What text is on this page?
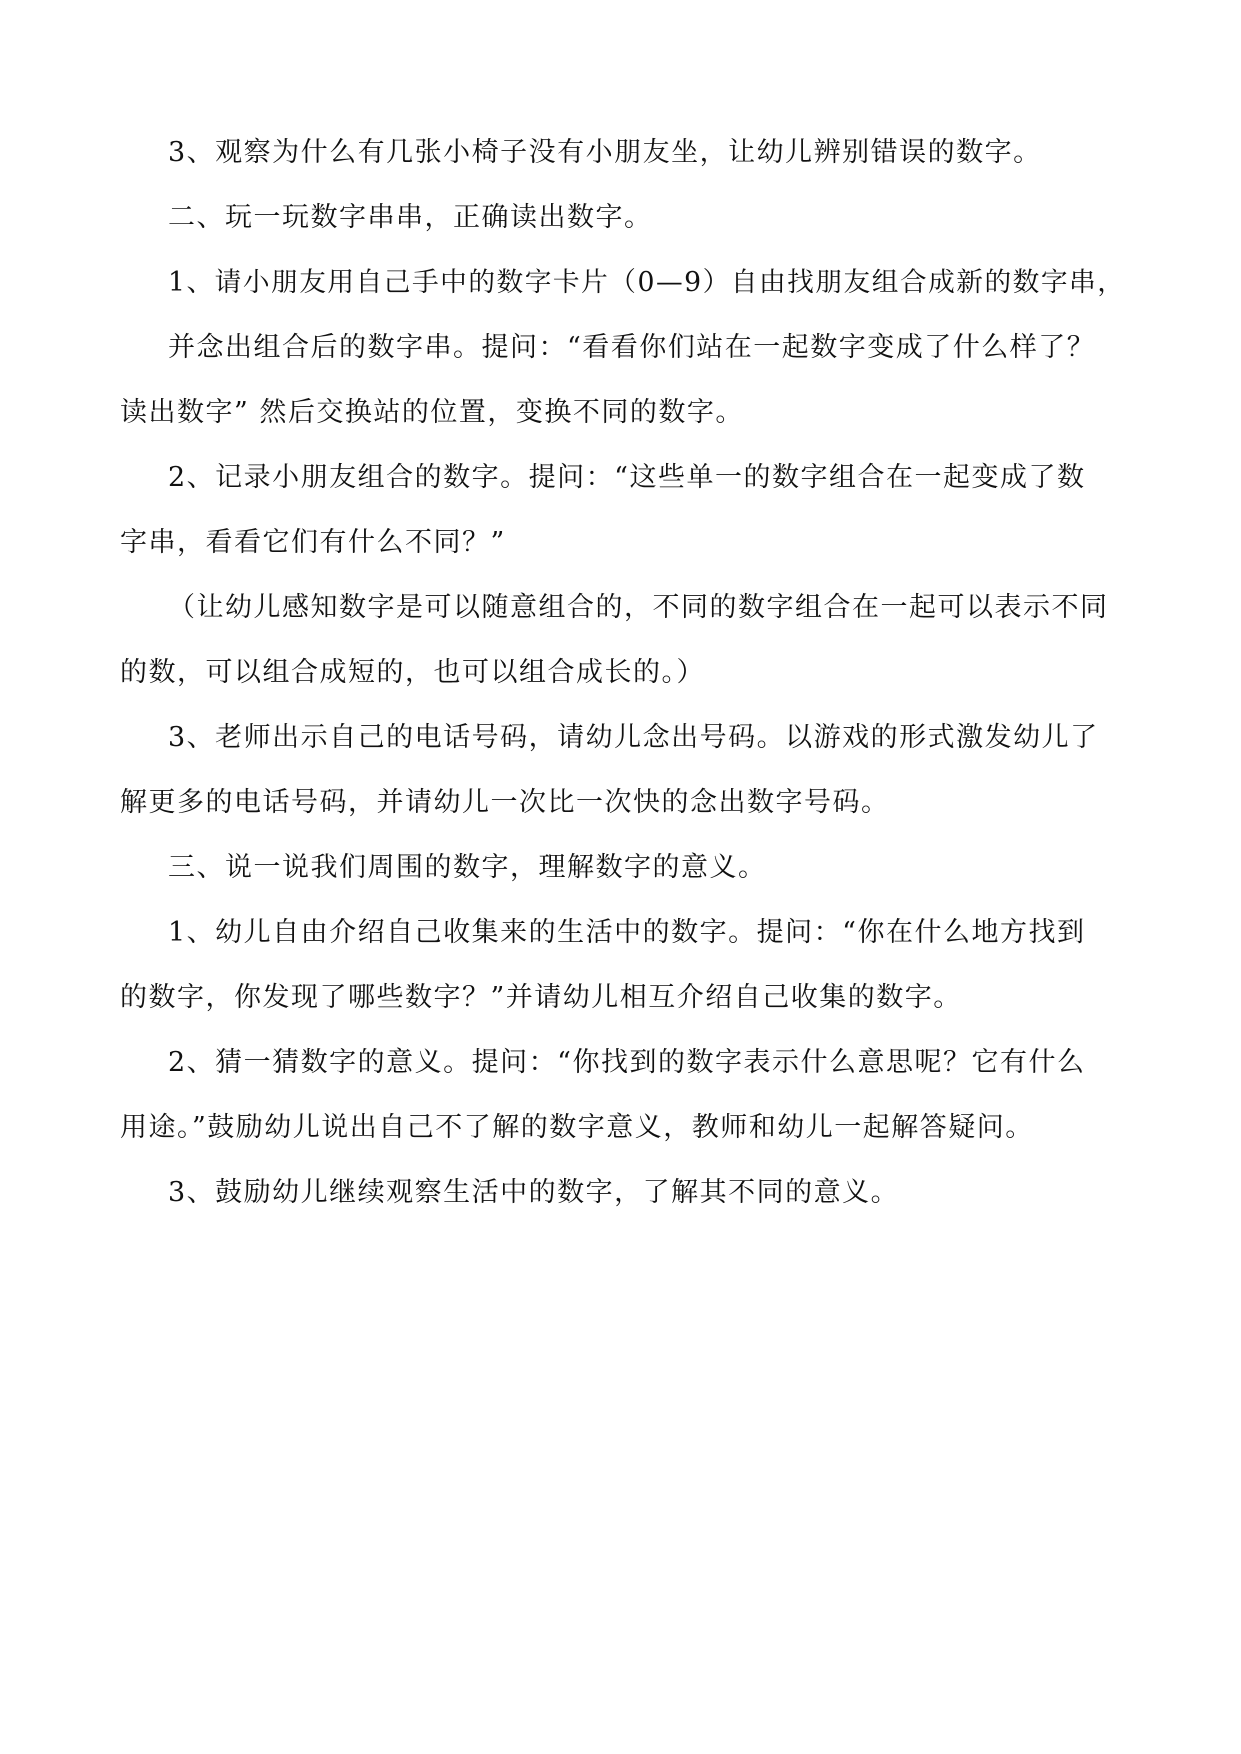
3、观察为什么有几张小椅子没有小朋友坐，让幼儿辨别错误的数字。
二、玩一玩数字串串，正确读出数字。
1、请小朋友用自己手中的数字卡片（0—9）自由找朋友组合成新的数字串，
并念出组合后的数字串。提问：“看看你们站在一起数字变成了什么样了？
读出数字” 然后交换站的位置，变换不同的数字。
2、记录小朋友组合的数字。提问：“这些单一的数字组合在一起变成了数
字串，看看它们有什么不同？”
（让幼儿感知数字是可以随意组合的，不同的数字组合在一起可以表示不同
的数，可以组合成短的，也可以组合成长的。）
3、老师出示自己的电话号码，请幼儿念出号码。以游戏的形式激发幼儿了
解更多的电话号码，并请幼儿一次比一次快的念出数字号码。
三、说一说我们周围的数字，理解数字的意义。
1、幼儿自由介绍自己收集来的生活中的数字。提问：“你在什么地方找到
的数字，你发现了哪些数字？”并请幼儿相互介绍自己收集的数字。
2、猜一猜数字的意义。提问：“你找到的数字表示什么意思呢？它有什么
用途。”鼓励幼儿说出自己不了解的数字意义，教师和幼儿一起解答疑问。
3、鼓励幼儿继续观察生活中的数字，了解其不同的意义。
